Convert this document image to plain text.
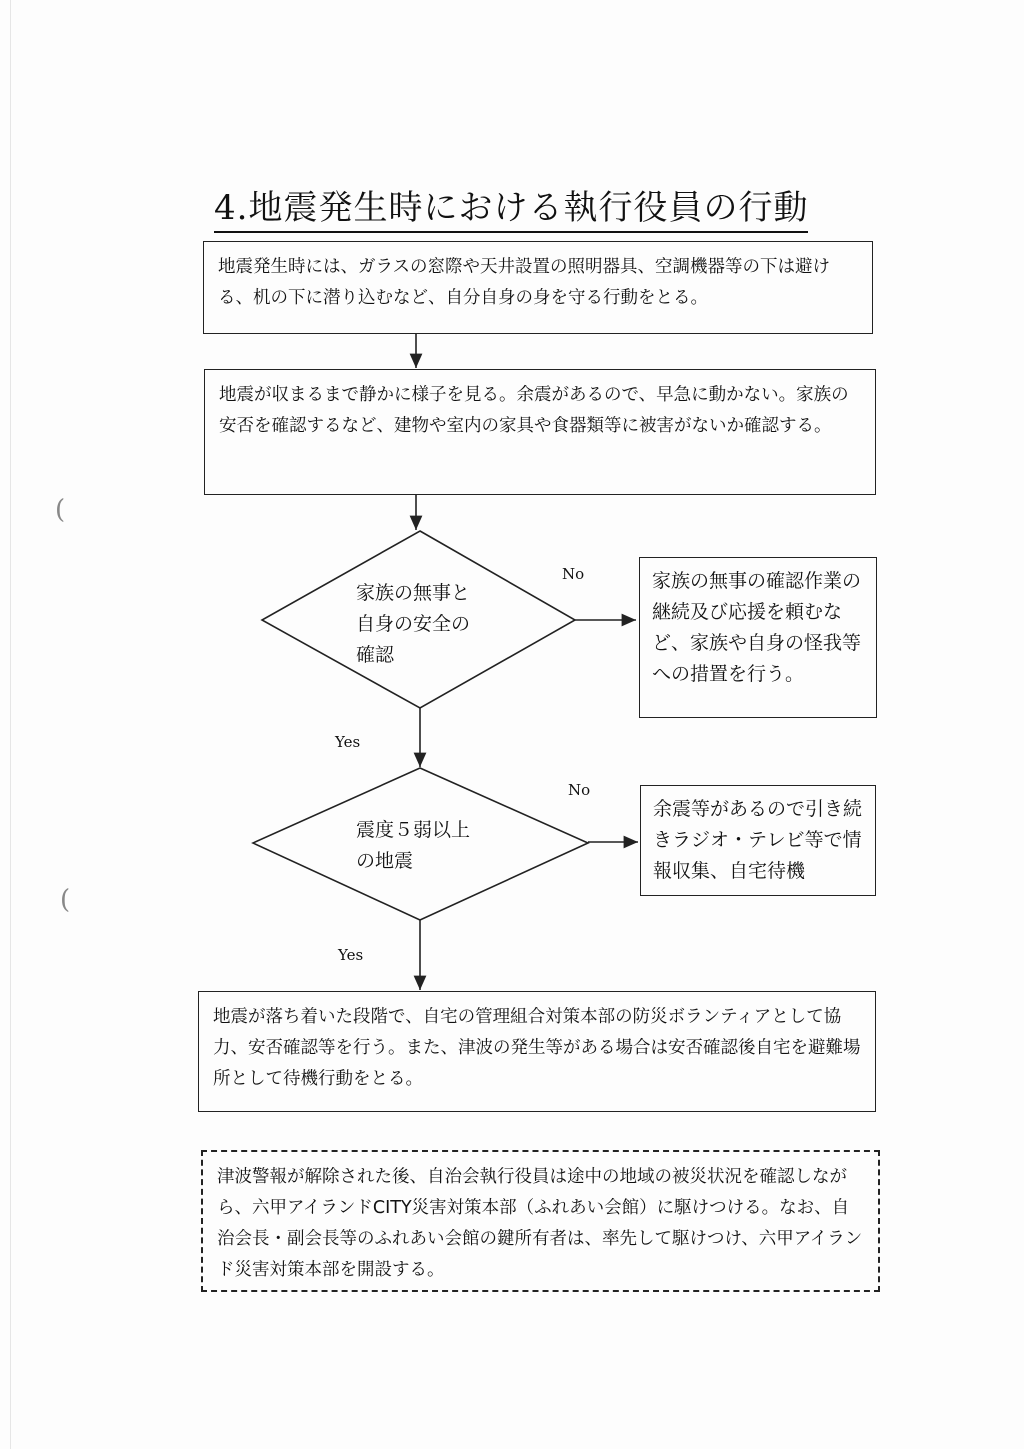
4.地震発生時における執行役員の行動
地震発生時には、ガラスの窓際や天井設置の照明器具、空調機器等の下は避ける、机の下に潜り込むなど、自分自身の身を守る行動をとる。
地震が収まるまで静かに様子を見る。余震があるので、早急に動かない。家族の安否を確認するなど、建物や室内の家具や食器類等に被害がないか確認する。
家族の無事と
自身の安全の
確認
No
Yes
家族の無事の確認作業の継続及び応援を頼むなど、家族や自身の怪我等への措置を行う。
震度５弱以上
の地震
No
Yes
余震等があるので引き続きラジオ・テレビ等で情報収集、自宅待機
地震が落ち着いた段階で、自宅の管理組合対策本部の防災ボランティアとして協力、安否確認等を行う。また、津波の発生等がある場合は安否確認後自宅を避難場所として待機行動をとる。
津波警報が解除された後、自治会執行役員は途中の地域の被災状況を確認しながら、六甲アイランドCITY災害対策本部（ふれあい会館）に駆けつける。なお、自治会長・副会長等のふれあい会館の鍵所有者は、率先して駆けつけ、六甲アイランド災害対策本部を開設する。
(
(
